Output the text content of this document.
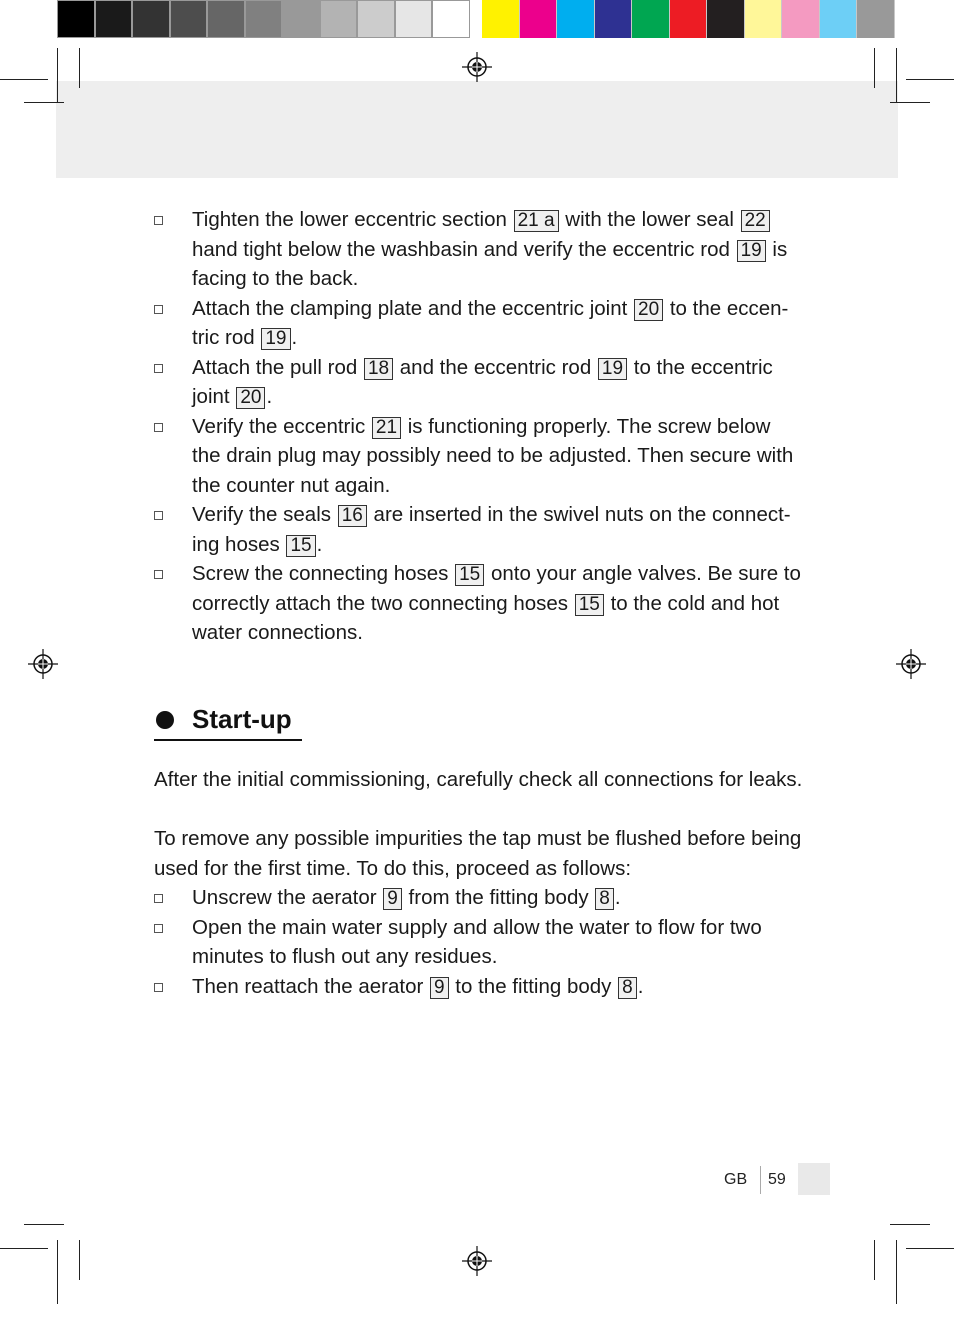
Tighten the lower eccentric section 21 a with the lower seal 22
hand tight below the washbasin and verify the eccentric rod 19 is
facing to the back.
Attach the clamping plate and the eccentric joint 20 to the eccen-
tric rod 19 .
Attach the pull rod 18 and the eccentric rod 19 to the eccentric
joint 20 .
Verify the eccentric 21 is functioning properly. The screw below
the drain plug may possibly need to be adjusted. Then secure with
the counter nut again.
Verify the seals 16 are inserted in the swivel nuts on the connect-
ing hoses 15 .
Screw the connecting hoses 15 onto your angle valves. Be sure to
correctly attach the two connecting hoses 15 to the cold and hot
water connections.
Start-up
After the initial commissioning, carefully check all connections for leaks.
To remove any possible impurities the tap must be flushed before being
used for the first time. To do this, proceed as follows:
Unscrew the aerator 9 from the fitting body 8.
Open the main water supply and allow the water to flow for two
minutes to flush out any residues.
Then reattach the aerator 9 to the fitting body 8.
GB 59
